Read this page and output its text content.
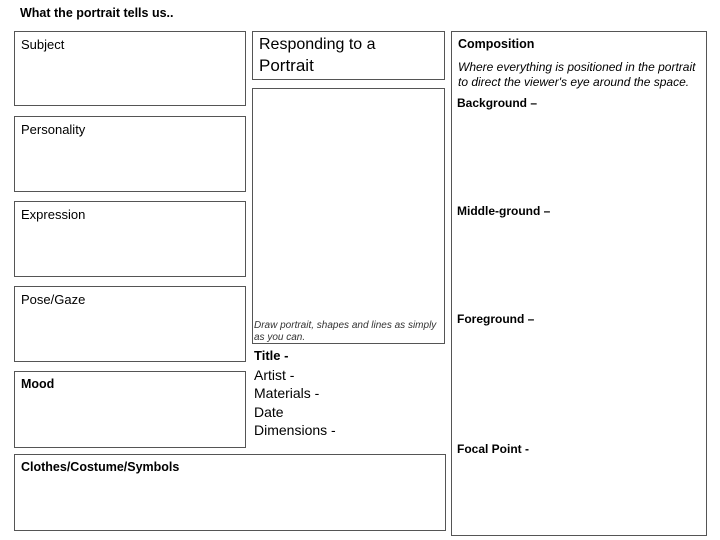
What the portrait tells us..
Subject
Personality
Expression
Pose/Gaze
Mood
Clothes/Costume/Symbols
Responding to a
Portrait
Draw portrait, shapes and lines as simply as you can.
Title -
Artist -
Materials -
Date
Dimensions -
Composition
Where everything is positioned in the portrait to direct the viewer's eye around the space.
Background –
Middle-ground –
Foreground –
Focal Point -
